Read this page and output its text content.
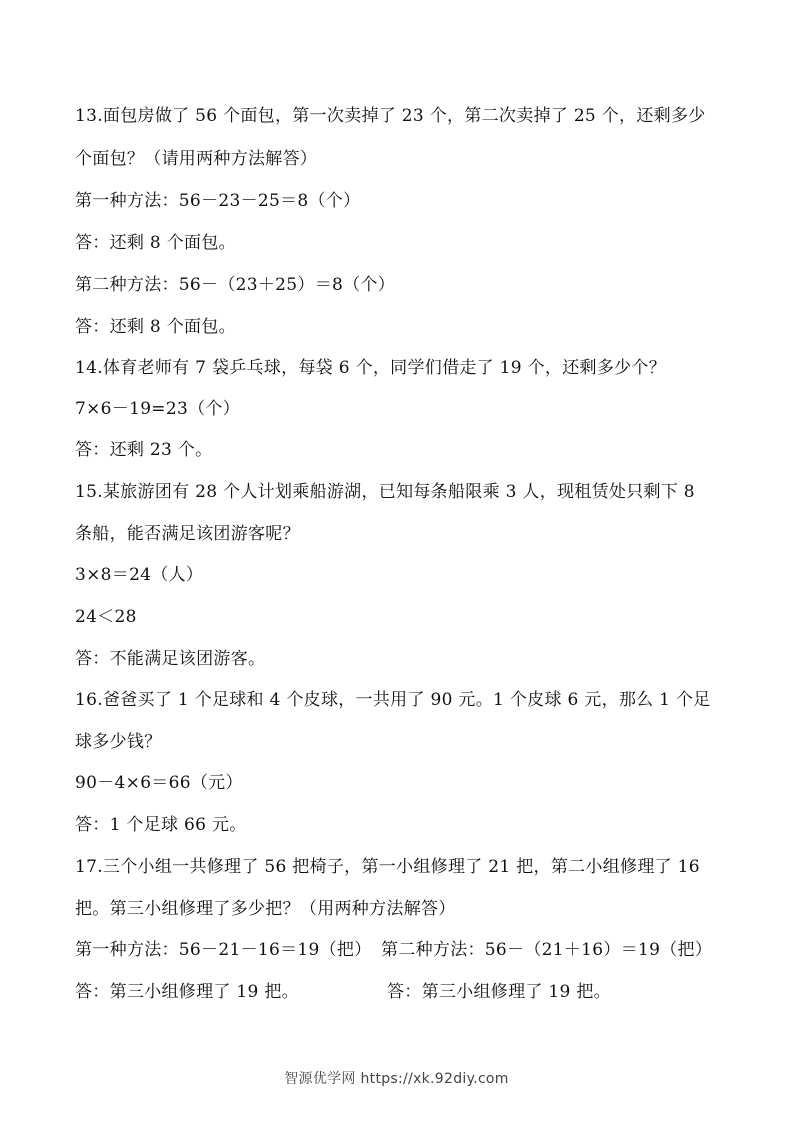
13.面包房做了 56 个面包，第一次卖掉了 23 个，第二次卖掉了 25 个，还剩多少
个面包？（请用两种方法解答）
第一种方法：56－23－25＝8（个）
答：还剩 8 个面包。
第二种方法：56－（23＋25）＝8（个）
答：还剩 8 个面包。
14.体育老师有 7 袋乒乓球，每袋 6 个，同学们借走了 19 个，还剩多少个？
7×6－19=23（个）
答：还剩 23 个。
15.某旅游团有 28 个人计划乘船游湖，已知每条船限乘 3 人，现租赁处只剩下 8
条船，能否满足该团游客呢？
3×8＝24（人）
24＜28
答：不能满足该团游客。
16.爸爸买了 1 个足球和 4 个皮球，一共用了 90 元。1 个皮球 6 元，那么 1 个足
球多少钱？
90－4×6＝66（元）
答：1 个足球 66 元。
17.三个小组一共修理了 56 把椅子，第一小组修理了 21 把，第二小组修理了 16
把。第三小组修理了多少把？（用两种方法解答）
第一种方法：56－21－16＝19（把） 第二种方法：56－（21＋16）＝19（把）
答：第三小组修理了 19 把。	答：第三小组修理了 19 把。
智源优学网 https://xk.92diy.com
